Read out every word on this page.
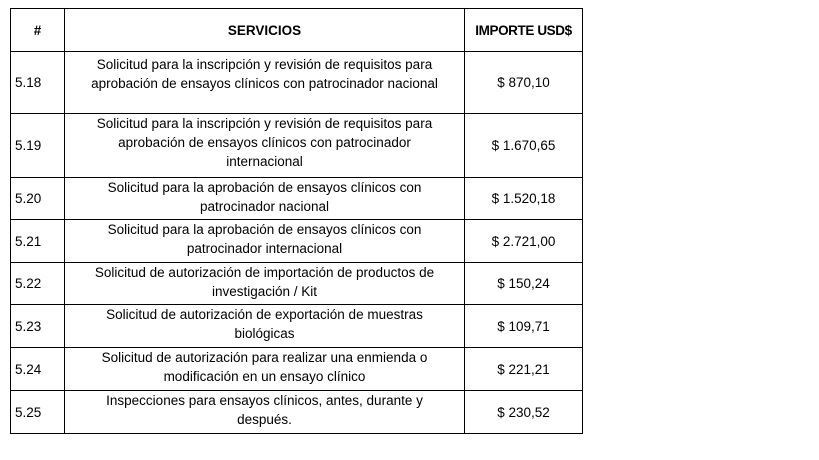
#	SERVICIOS	IMPORTE USD$
5.18	Solicitud para la inscripción y revisión de requisitos para aprobación de ensayos clínicos con patrocinador nacional	$ 870,10
5.19	Solicitud para la inscripción y revisión de requisitos para aprobación de ensayos clínicos con patrocinador internacional	$ 1.670,65
5.20	Solicitud para la aprobación de ensayos clínicos con patrocinador nacional	$ 1.520,18
5.21	Solicitud para la aprobación de ensayos clínicos con patrocinador internacional	$ 2.721,00
5.22	Solicitud de autorización de importación de productos de investigación / Kit	$ 150,24
5.23	Solicitud de autorización de exportación de muestras biológicas	$ 109,71
5.24	Solicitud de autorización para realizar una enmienda o modificación en un ensayo clínico	$ 221,21
5.25	Inspecciones para ensayos clínicos, antes, durante y después.	$ 230,52
